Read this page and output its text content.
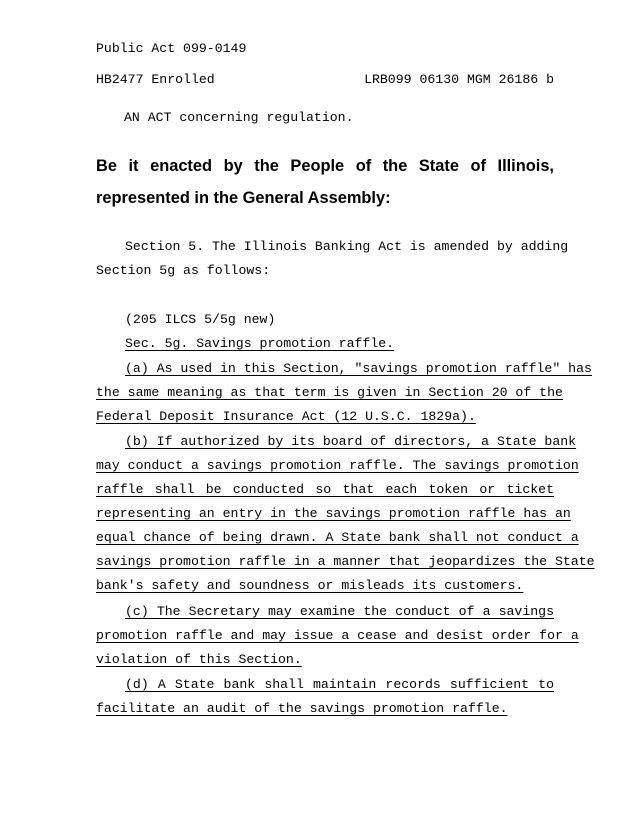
Public Act 099-0149
HB2477 Enrolled	LRB099 06130 MGM 26186 b
AN ACT concerning regulation.
Be it enacted by the People of the State of Illinois,
represented in the General Assembly:
Section 5. The Illinois Banking Act is amended by adding
Section 5g as follows:
(205 ILCS 5/5g new)
Sec. 5g. Savings promotion raffle.
(a) As used in this Section, "savings promotion raffle" has
the same meaning as that term is given in Section 20 of the
Federal Deposit Insurance Act (12 U.S.C. 1829a).
(b) If authorized by its board of directors, a State bank
may conduct a savings promotion raffle. The savings promotion
raffle shall be conducted so that each token or ticket
representing an entry in the savings promotion raffle has an
equal chance of being drawn. A State bank shall not conduct a
savings promotion raffle in a manner that jeopardizes the State
bank's safety and soundness or misleads its customers.
(c) The Secretary may examine the conduct of a savings
promotion raffle and may issue a cease and desist order for a
violation of this Section.
(d) A State bank shall maintain records sufficient to
facilitate an audit of the savings promotion raffle.
